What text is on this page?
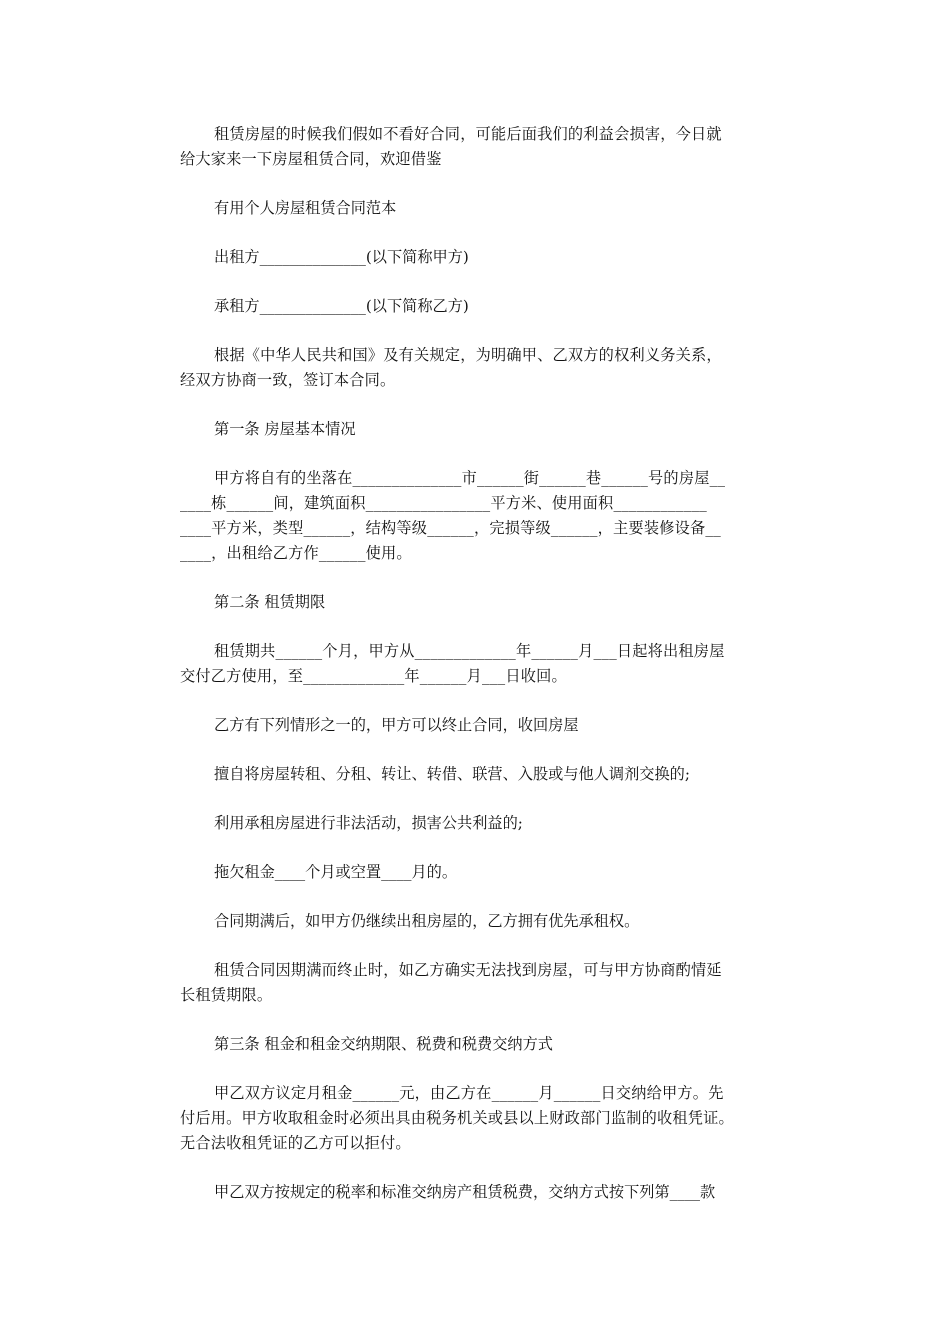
租赁房屋的时候我们假如不看好合同，可能后面我们的利益会损害，今日就
给大家来一下房屋租赁合同，欢迎借鉴

有用个人房屋租赁合同范本

出租方______________(以下简称甲方)

承租方______________(以下简称乙方)

根据《中华人民共和国》及有关规定，为明确甲、乙双方的权利义务关系，
经双方协商一致，签订本合同。

第一条 房屋基本情况

甲方将自有的坐落在______________市______街______巷______号的房屋__
____栋______间，建筑面积________________平方米、使用面积____________
____平方米，类型______，结构等级______，完损等级______，主要装修设备__
____，出租给乙方作______使用。

第二条 租赁期限

租赁期共______个月，甲方从_____________年______月___日起将出租房屋
交付乙方使用，至_____________年______月___日收回。

乙方有下列情形之一的，甲方可以终止合同，收回房屋

擅自将房屋转租、分租、转让、转借、联营、入股或与他人调剂交换的;

利用承租房屋进行非法活动，损害公共利益的;

拖欠租金____个月或空置____月的。

合同期满后，如甲方仍继续出租房屋的，乙方拥有优先承租权。

租赁合同因期满而终止时，如乙方确实无法找到房屋，可与甲方协商酌情延
长租赁期限。

第三条 租金和租金交纳期限、税费和税费交纳方式

甲乙双方议定月租金______元，由乙方在______月______日交纳给甲方。先
付后用。甲方收取租金时必须出具由税务机关或县以上财政部门监制的收租凭证。
无合法收租凭证的乙方可以拒付。

甲乙双方按规定的税率和标准交纳房产租赁税费，交纳方式按下列第____款
